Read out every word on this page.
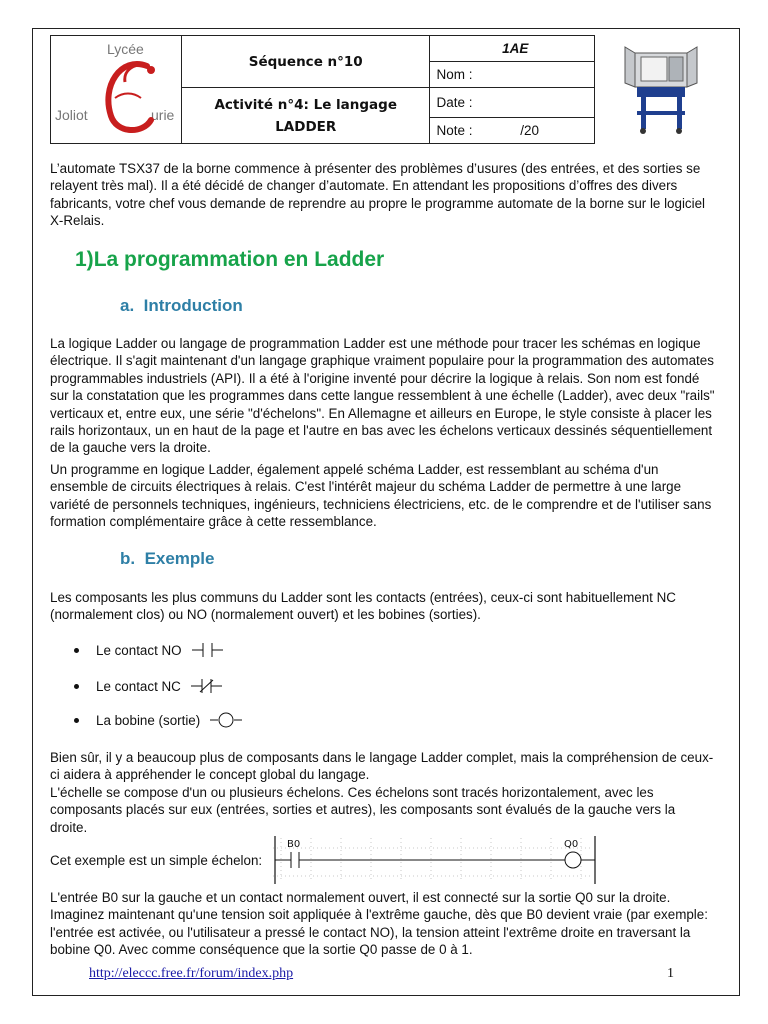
Lycée
Joliot urie	Séquence n°10	1AE
		Nom :

	Activité n°4: Le langage
LADDER	Date :
		Note : /20

L’automate TSX37 de la borne commence à présenter des problèmes d’usures (des entrées, et des sorties se relayent très mal). Il a été décidé de changer d’automate. En attendant les propositions d’offres des divers fabricants, votre chef vous demande de reprendre au propre le programme automate de la borne sur le logiciel X-Relais.

1)La programmation en Ladder
a. Introduction

La logique Ladder ou langage de programmation Ladder est une méthode pour tracer les schémas en logique électrique. Il s'agit maintenant d'un langage graphique vraiment populaire pour la programmation des automates programmables industriels (API). Il a été à l'origine inventé pour décrire la logique à relais. Son nom est fondé sur la constatation que les programmes dans cette langue ressemblent à une échelle (Ladder), avec deux "rails" verticaux et, entre eux, une série "d'échelons". En Allemagne et ailleurs en Europe, le style consiste à placer les rails horizontaux, un en haut de la page et l'autre en bas avec les échelons verticaux dessinés séquentiellement de la gauche vers la droite.

Un programme en logique Ladder, également appelé schéma Ladder, est ressemblant au schéma d'un ensemble de circuits électriques à relais. C'est l'intérêt majeur du schéma Ladder de permettre à une large variété de personnels techniques, ingénieurs, techniciens électriciens, etc. de le comprendre et de l'utiliser sans formation complémentaire grâce à cette ressemblance.

b. Exemple

Les composants les plus communs du Ladder sont les contacts (entrées), ceux-ci sont habituellement NC (normalement clos) ou NO (normalement ouvert) et les bobines (sorties).

Le contact NO
Le contact NC
La bobine (sortie)

Bien sûr, il y a beaucoup plus de composants dans le langage Ladder complet, mais la compréhension de ceux-ci aidera à appréhender le concept global du langage.

L'échelle se compose d'un ou plusieurs échelons. Ces échelons sont tracés horizontalement, avec les composants placés sur eux (entrées, sorties et autres), les composants sont évalués de la gauche vers la droite.

Cet exemple est un simple échelon:
B0	Q0

L'entrée B0 sur la gauche et un contact normalement ouvert, il est connecté sur la sortie Q0 sur la droite. Imaginez maintenant qu'une tension soit appliquée à l'extrême gauche, dès que B0 devient vraie (par exemple: l'entrée est activée, ou l'utilisateur a pressé le contact NO), la tension atteint l'extrême droite en traversant la bobine Q0. Avec comme conséquence que la sortie Q0 passe de 0 à 1.

http://eleccc.free.fr/forum/index.php	1
